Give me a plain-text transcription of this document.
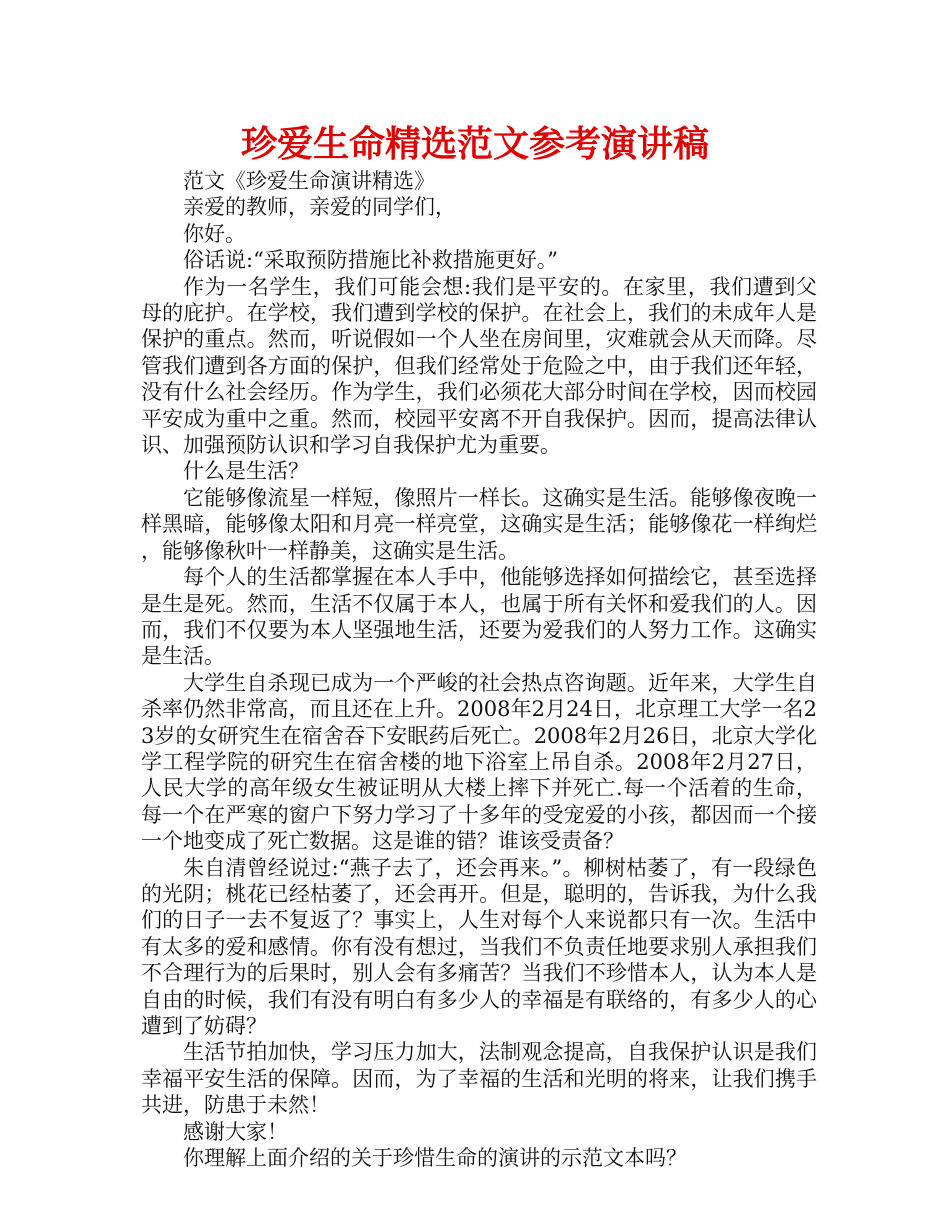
珍爱生命精选范文参考演讲稿

范文《珍爱生命演讲精选》

亲爱的教师，亲爱的同学们，

你好。

俗话说:“采取预防措施比补救措施更好。”

作为一名学生，我们可能会想:我们是平安的。在家里，我们遭到父母的庇护。在学校，我们遭到学校的保护。在社会上，我们的未成年人是保护的重点。然而，听说假如一个人坐在房间里，灾难就会从天而降。尽管我们遭到各方面的保护，但我们经常处于危险之中，由于我们还年轻，没有什么社会经历。作为学生，我们必须花大部分时间在学校，因而校园平安成为重中之重。然而，校园平安离不开自我保护。因而，提高法律认识、加强预防认识和学习自我保护尤为重要。

什么是生活？

它能够像流星一样短，像照片一样长。这确实是生活。能够像夜晚一样黑暗，能够像太阳和月亮一样亮堂，这确实是生活；能够像花一样绚烂，能够像秋叶一样静美，这确实是生活。

每个人的生活都掌握在本人手中，他能够选择如何描绘它，甚至选择是生是死。然而，生活不仅属于本人，也属于所有关怀和爱我们的人。因而，我们不仅要为本人坚强地生活，还要为爱我们的人努力工作。这确实是生活。

大学生自杀现已成为一个严峻的社会热点咨询题。近年来，大学生自杀率仍然非常高，而且还在上升。2008年2月24日，北京理工大学一名23岁的女研究生在宿舍吞下安眠药后死亡。2008年2月26日，北京大学化学工程学院的研究生在宿舍楼的地下浴室上吊自杀。2008年2月27日，人民大学的高年级女生被证明从大楼上摔下并死亡.每一个活着的生命，每一个在严寒的窗户下努力学习了十多年的受宠爱的小孩，都因而一个接一个地变成了死亡数据。这是谁的错？谁该受责备？

朱自清曾经说过:“燕子去了，还会再来。”。柳树枯萎了，有一段绿色的光阴；桃花已经枯萎了，还会再开。但是，聪明的，告诉我，为什么我们的日子一去不复返了？事实上，人生对每个人来说都只有一次。生活中有太多的爱和感情。你有没有想过，当我们不负责任地要求别人承担我们不合理行为的后果时，别人会有多痛苦？当我们不珍惜本人，认为本人是自由的时候，我们有没有明白有多少人的幸福是有联络的，有多少人的心遭到了妨碍？

生活节拍加快，学习压力加大，法制观念提高，自我保护认识是我们幸福平安生活的保障。因而，为了幸福的生活和光明的将来，让我们携手共进，防患于未然！

感谢大家！

你理解上面介绍的关于珍惜生命的演讲的示范文本吗？
